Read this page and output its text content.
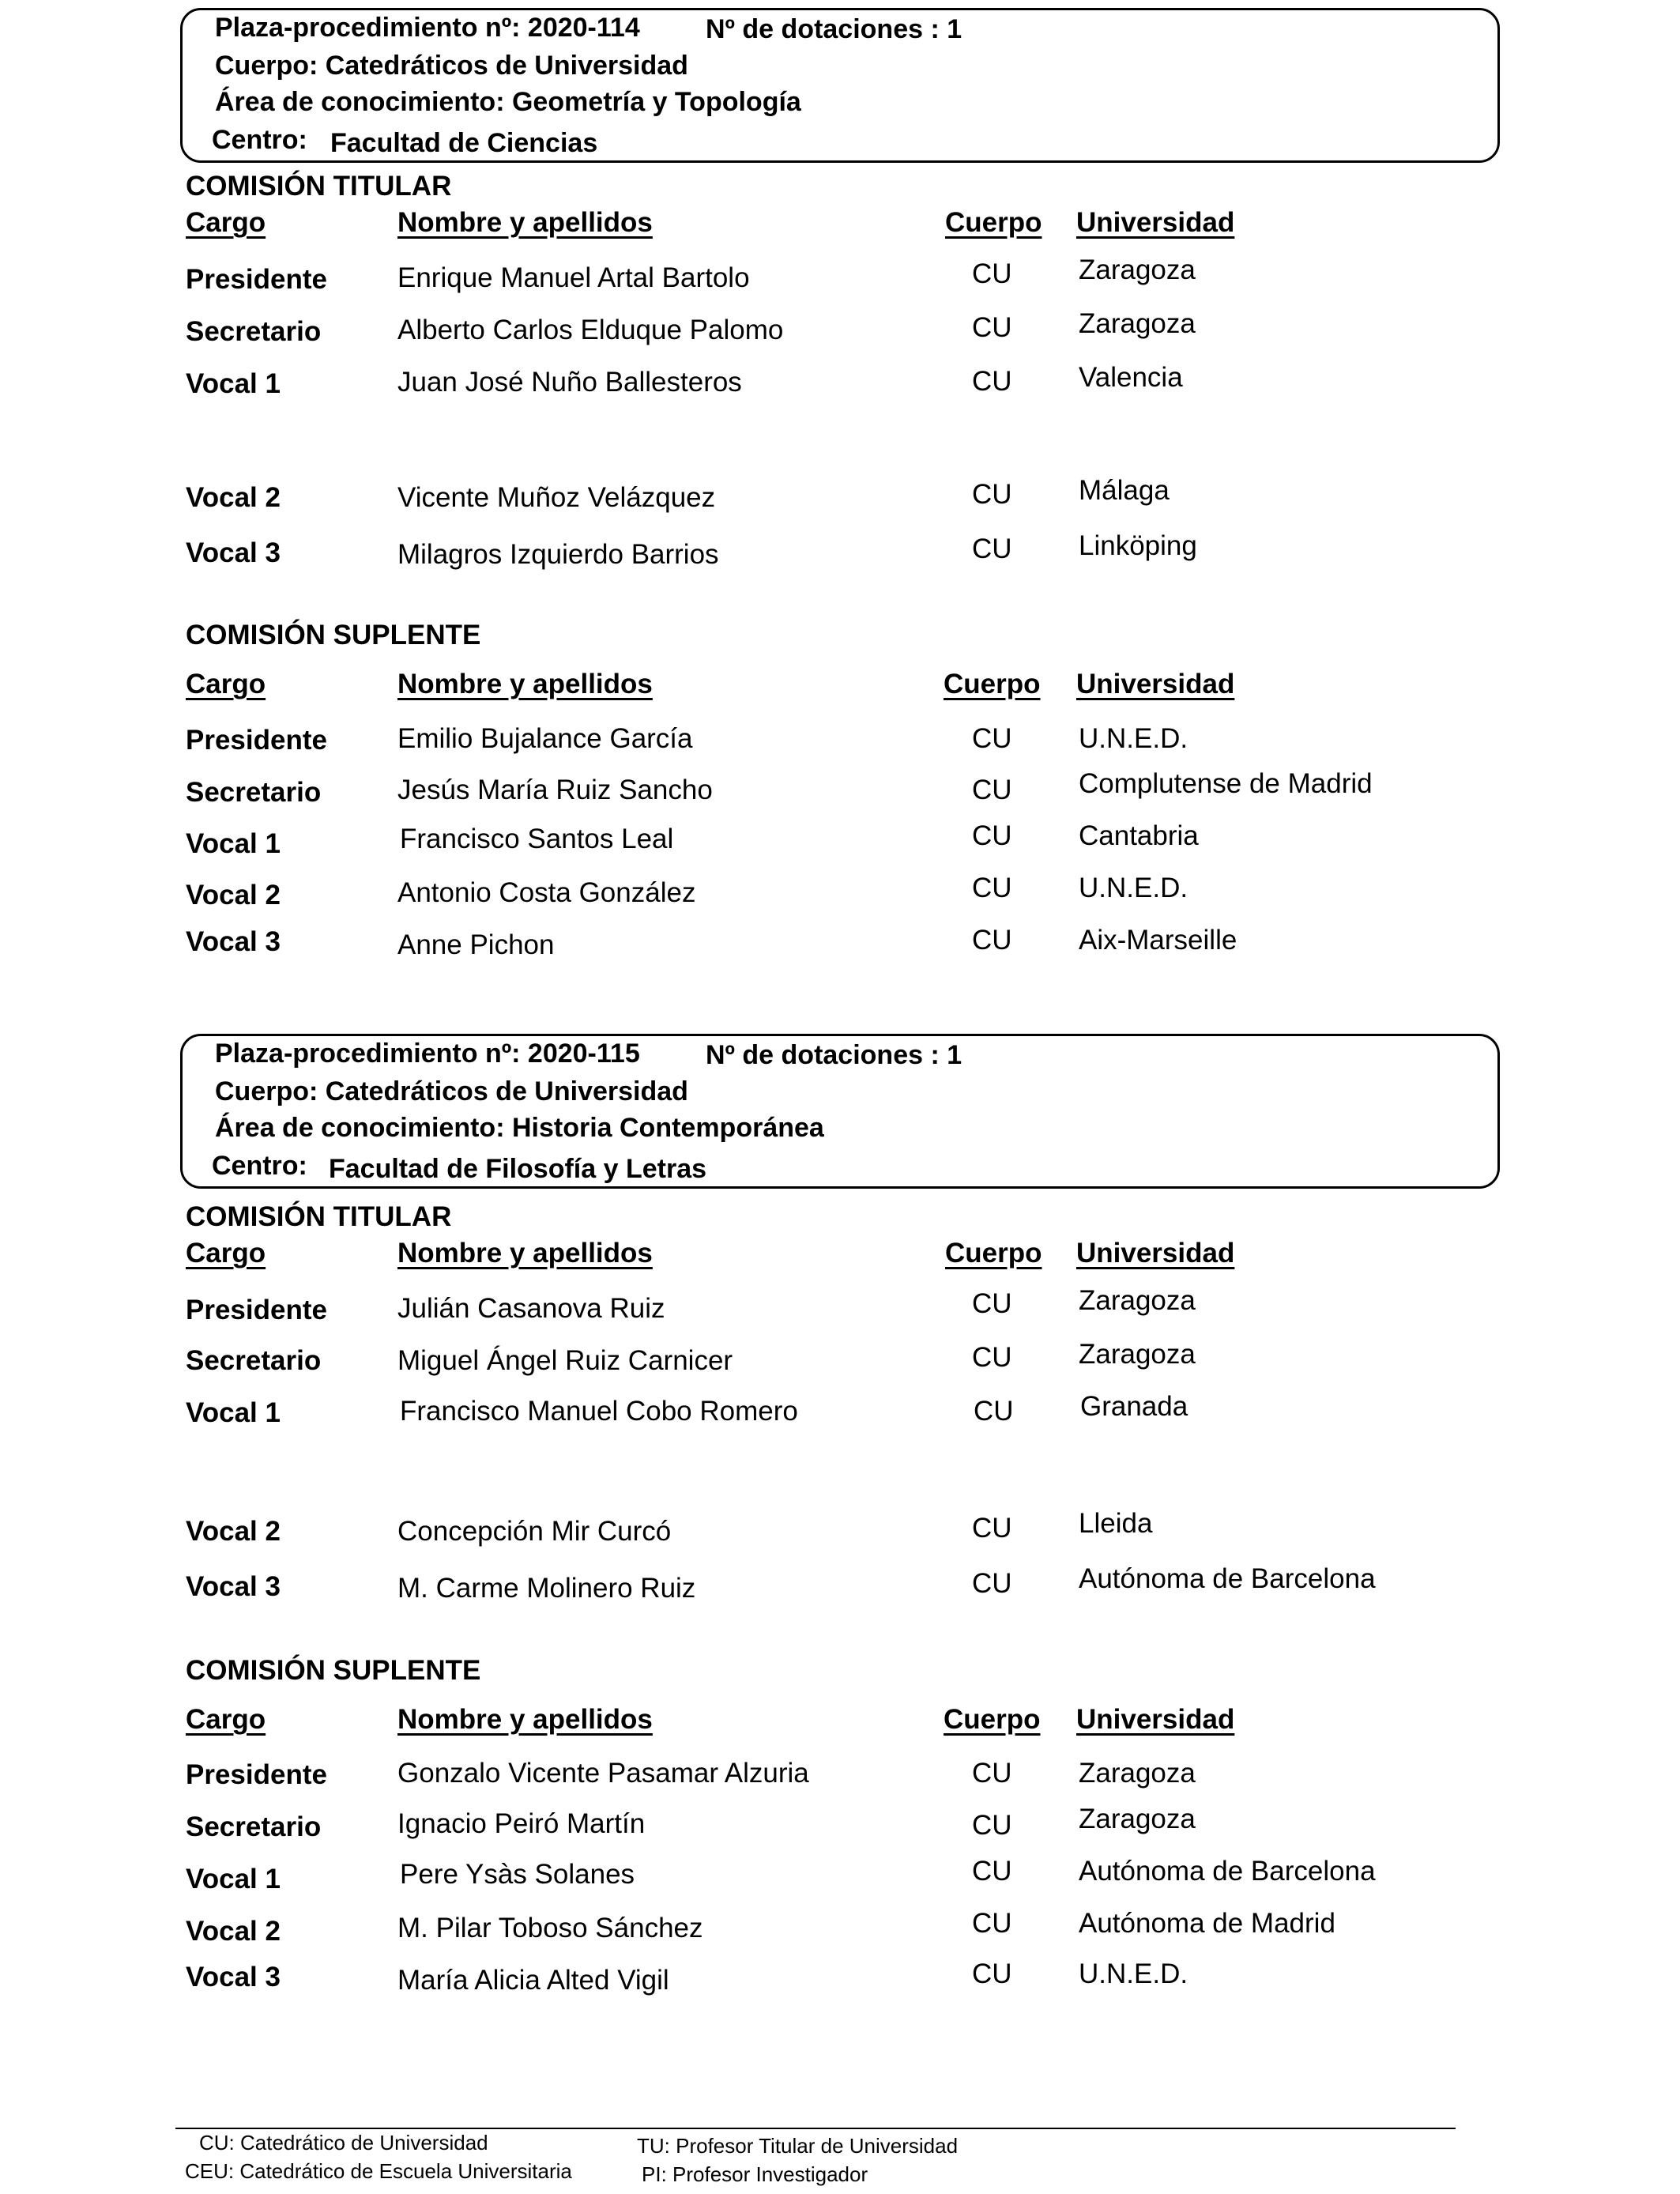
Plaza-procedimiento nº: 2020-114 Nº de dotaciones : 1
Cuerpo: Catedráticos de Universidad
Área de conocimiento: Geometría y Topología
Centro: Facultad de Ciencias
COMISIÓN TITULAR
Cargo	Nombre y apellidos	Cuerpo Universidad
Presidente	Enrique Manuel Artal Bartolo	CU Zaragoza
Secretario	Alberto Carlos Elduque Palomo	CU Zaragoza
Vocal 1	Juan José Nuño Ballesteros	CU Valencia
Vocal 2	Vicente Muñoz Velázquez	CU Málaga
Vocal 3	Milagros Izquierdo Barrios	CU Linköping
COMISIÓN SUPLENTE
Cargo	Nombre y apellidos	Cuerpo Universidad
Presidente	Emilio Bujalance García	CU U.N.E.D.
Secretario	Jesús María Ruiz Sancho	CU Complutense de Madrid
Vocal 1	Francisco Santos Leal	CU Cantabria
Vocal 2	Antonio Costa González	CU U.N.E.D.
Vocal 3	Anne Pichon	CU Aix-Marseille
Plaza-procedimiento nº: 2020-115 Nº de dotaciones : 1
Cuerpo: Catedráticos de Universidad
Área de conocimiento: Historia Contemporánea
Centro: Facultad de Filosofía y Letras
COMISIÓN TITULAR
Cargo	Nombre y apellidos	Cuerpo Universidad
Presidente	Julián Casanova Ruiz	CU Zaragoza
Secretario	Miguel Ángel Ruiz Carnicer	CU Zaragoza
Vocal 1	Francisco Manuel Cobo Romero	CU Granada
Vocal 2	Concepción Mir Curcó	CU Lleida
Vocal 3	M. Carme Molinero Ruiz	CU Autónoma de Barcelona
COMISIÓN SUPLENTE
Cargo	Nombre y apellidos	Cuerpo Universidad
Presidente	Gonzalo Vicente Pasamar Alzuria	CU Zaragoza
Secretario	Ignacio Peiró Martín	CU Zaragoza
Vocal 1	Pere Ysàs Solanes	CU Autónoma de Barcelona
Vocal 2	M. Pilar Toboso Sánchez	CU Autónoma de Madrid
Vocal 3	María Alicia Alted Vigil	CU U.N.E.D.
CU: Catedrático de Universidad
CEU: Catedrático de Escuela Universitaria
TU: Profesor Titular de Universidad
PI: Profesor Investigador
